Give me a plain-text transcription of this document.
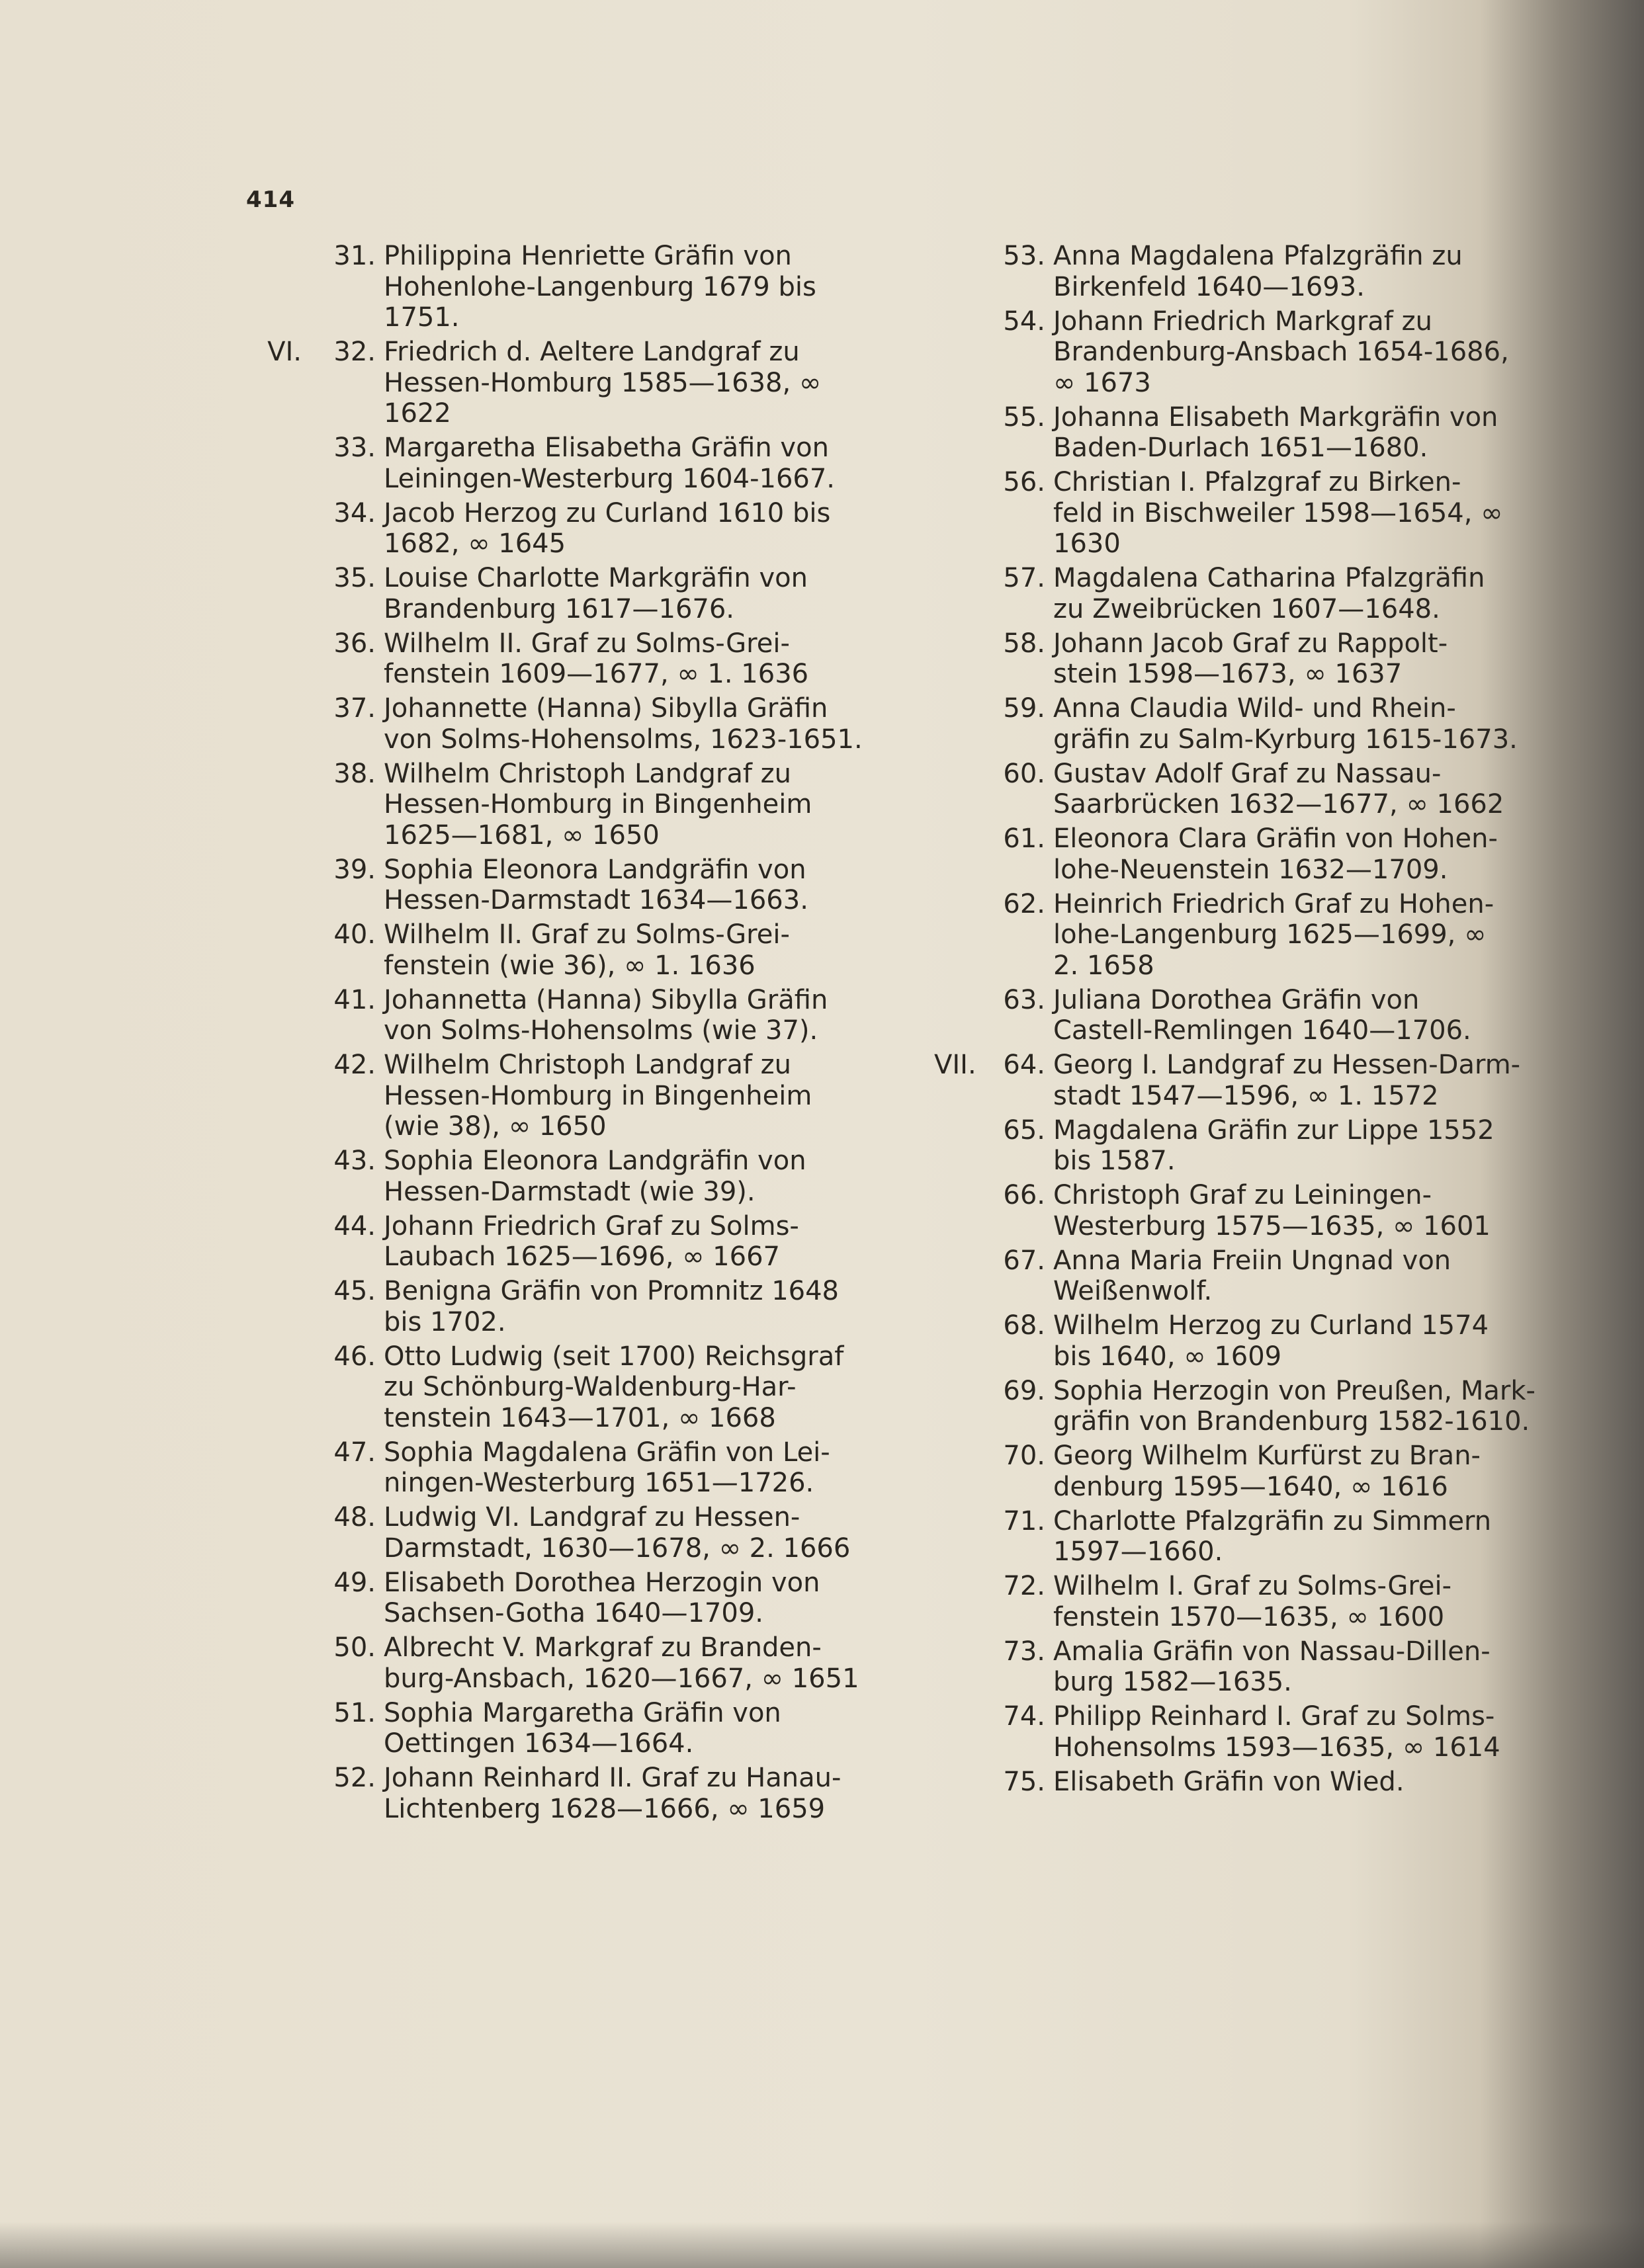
414
31. Philippina Henriette Gräfin von
Hohenlohe-Langenburg 1679 bis
1751.
VI.	32. Friedrich d. Aeltere Landgraf zu
Hessen-Homburg 1585—1638, ∞
1622
33. Margaretha Elisabetha Gräfin von
Leiningen-Westerburg 1604-1667.
34. Jacob Herzog zu Curland 1610 bis
1682, ∞ 1645
35. Louise Charlotte Markgräfin von
Brandenburg 1617—1676.
36. Wilhelm II. Graf zu Solms-Grei-
fenstein 1609—1677, ∞ 1. 1636
37. Johannette (Hanna) Sibylla Gräfin
von Solms-Hohensolms, 1623-1651.
38. Wilhelm Christoph Landgraf zu
Hessen-Homburg in Bingenheim
1625—1681, ∞ 1650
39. Sophia Eleonora Landgräfin von
Hessen-Darmstadt 1634—1663.
40. Wilhelm II. Graf zu Solms-Grei-
fenstein (wie 36), ∞ 1. 1636
41. Johannetta (Hanna) Sibylla Gräfin
von Solms-Hohensolms (wie 37).
42. Wilhelm Christoph Landgraf zu
Hessen-Homburg in Bingenheim
(wie 38), ∞ 1650
43. Sophia Eleonora Landgräfin von
Hessen-Darmstadt (wie 39).
44. Johann Friedrich Graf zu Solms-
Laubach 1625—1696, ∞ 1667
45. Benigna Gräfin von Promnitz 1648
bis 1702.
46. Otto Ludwig (seit 1700) Reichsgraf
zu Schönburg-Waldenburg-Har-
tenstein 1643—1701, ∞ 1668
47. Sophia Magdalena Gräfin von Lei-
ningen-Westerburg 1651—1726.
48. Ludwig VI. Landgraf zu Hessen-
Darmstadt, 1630—1678, ∞ 2. 1666
49. Elisabeth Dorothea Herzogin von
Sachsen-Gotha 1640—1709.
50. Albrecht V. Markgraf zu Branden-
burg-Ansbach, 1620—1667, ∞ 1651
51. Sophia Margaretha Gräfin von
Oettingen 1634—1664.
52. Johann Reinhard II. Graf zu Hanau-
Lichtenberg 1628—1666, ∞ 1659
53. Anna Magdalena Pfalzgräfin zu
Birkenfeld 1640—1693.
54. Johann Friedrich Markgraf zu
Brandenburg-Ansbach 1654-1686,
∞ 1673
55. Johanna Elisabeth Markgräfin von
Baden-Durlach 1651—1680.
56. Christian I. Pfalzgraf zu Birken-
feld in Bischweiler 1598—1654, ∞
1630
57. Magdalena Catharina Pfalzgräfin
zu Zweibrücken 1607—1648.
58. Johann Jacob Graf zu Rappolt-
stein 1598—1673, ∞ 1637
59. Anna Claudia Wild- und Rhein-
gräfin zu Salm-Kyrburg 1615-1673.
60. Gustav Adolf Graf zu Nassau-
Saarbrücken 1632—1677, ∞ 1662
61. Eleonora Clara Gräfin von Hohen-
lohe-Neuenstein 1632—1709.
62. Heinrich Friedrich Graf zu Hohen-
lohe-Langenburg 1625—1699, ∞
2. 1658
63. Juliana Dorothea Gräfin von
Castell-Remlingen 1640—1706.
VII.	64. Georg I. Landgraf zu Hessen-Darm-
stadt 1547—1596, ∞ 1. 1572
65. Magdalena Gräfin zur Lippe 1552
bis 1587.
66. Christoph Graf zu Leiningen-
Westerburg 1575—1635, ∞ 1601
67. Anna Maria Freiin Ungnad von
Weißenwolf.
68. Wilhelm Herzog zu Curland 1574
bis 1640, ∞ 1609
69. Sophia Herzogin von Preußen, Mark-
gräfin von Brandenburg 1582-1610.
70. Georg Wilhelm Kurfürst zu Bran-
denburg 1595—1640, ∞ 1616
71. Charlotte Pfalzgräfin zu Simmern
1597—1660.
72. Wilhelm I. Graf zu Solms-Grei-
fenstein 1570—1635, ∞ 1600
73. Amalia Gräfin von Nassau-Dillen-
burg 1582—1635.
74. Philipp Reinhard I. Graf zu Solms-
Hohensolms 1593—1635, ∞ 1614
75. Elisabeth Gräfin von Wied.
